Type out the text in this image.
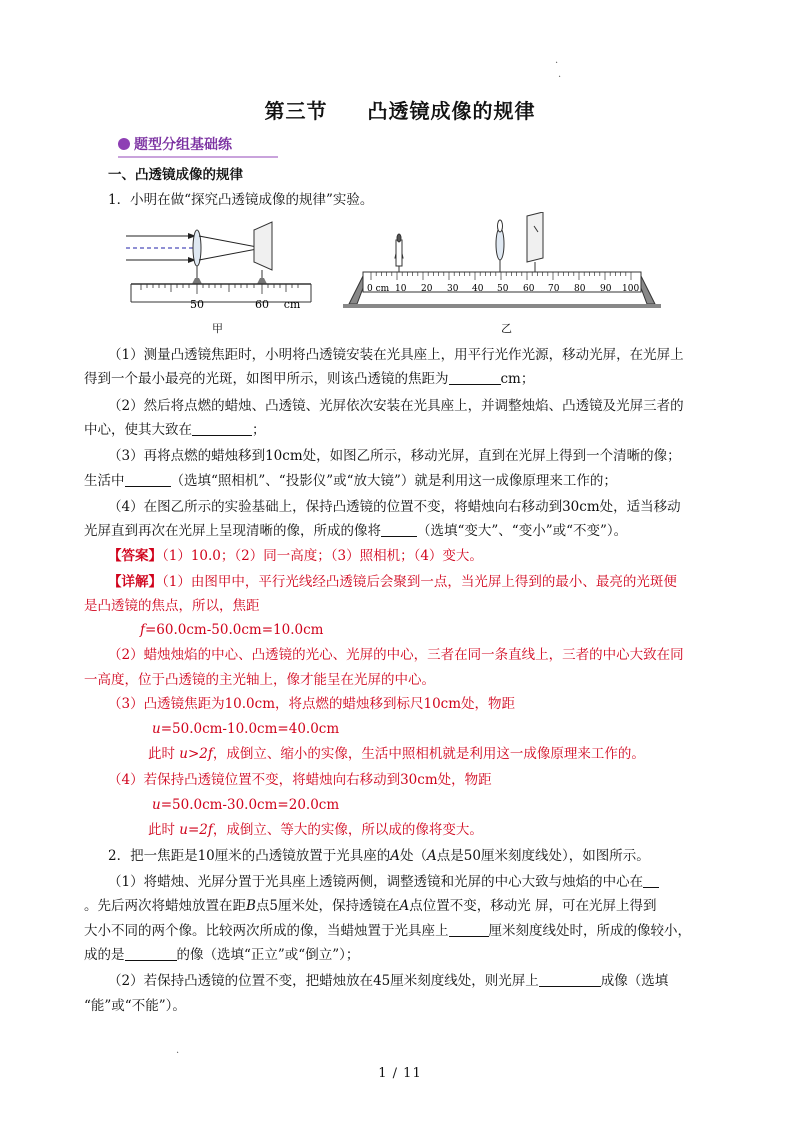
·
·
第三节 凸透镜成像的规律
题型分组基础练
一、凸透镜成像的规律
1．小明在做“探究凸透镜成像的规律”实验。
50	60 cm
甲
0 cm 10 20 30 40 50 60 70 80 90 100
乙
（1）测量凸透镜焦距时，小明将凸透镜安装在光具座上，用平行光作光源，移动光屏，在光屏上
得到一个最小最亮的光斑，如图甲所示，则该凸透镜的焦距为	cm；
（2）然后将点燃的蜡烛、凸透镜、光屏依次安装在光具座上，并调整烛焰、凸透镜及光屏三者的
中心，使其大致在	；
（3）再将点燃的蜡烛移到10cm处，如图乙所示，移动光屏，直到在光屏上得到一个清晰的像；
生活中	（选填“照相机”、“投影仪”或“放大镜”）就是利用这一成像原理来工作的；
（4）在图乙所示的实验基础上，保持凸透镜的位置不变，将蜡烛向右移动到30cm处，适当移动
光屏直到再次在光屏上呈现清晰的像，所成的像将	（选填“变大”、“变小”或“不变”）。
【答案】（1）10.0；（2）同一高度；（3）照相机；（4）变大。
【详解】（1）由图甲中，平行光线经凸透镜后会聚到一点，当光屏上得到的最小、最亮的光斑便
是凸透镜的焦点，所以，焦距
f=60.0cm-50.0cm=10.0cm
（2）蜡烛烛焰的中心、凸透镜的光心、光屏的中心，三者在同一条直线上，三者的中心大致在同
一高度，位于凸透镜的主光轴上，像才能呈在光屏的中心。
（3）凸透镜焦距为10.0cm，将点燃的蜡烛移到标尺10cm处，物距
u=50.0cm-10.0cm=40.0cm
此时 u>2f，成倒立、缩小的实像，生活中照相机就是利用这一成像原理来工作的。
（4）若保持凸透镜位置不变，将蜡烛向右移动到30cm处，物距
u=50.0cm-30.0cm=20.0cm
此时 u=2f，成倒立、等大的实像，所以成的像将变大。
2．把一焦距是10厘米的凸透镜放置于光具座的A处（A点是50厘米刻度线处），如图所示。
（1）将蜡烛、光屏分置于光具座上透镜两侧，调整透镜和光屏的中心大致与烛焰的中心在
。先后两次将蜡烛放置在距B点5厘米处，保持透镜在A点位置不变，移动光 屏，可在光屏上得到
大小不同的两个像。比较两次所成的像，当蜡烛置于光具座上	厘米刻度线处时，所成的像较小，
成的是	的像（选填“正立”或“倒立”）；
（2）若保持凸透镜的位置不变，把蜡烛放在45厘米刻度线处，则光屏上	成像（选填
“能”或“不能”）。
·
1 / 11
